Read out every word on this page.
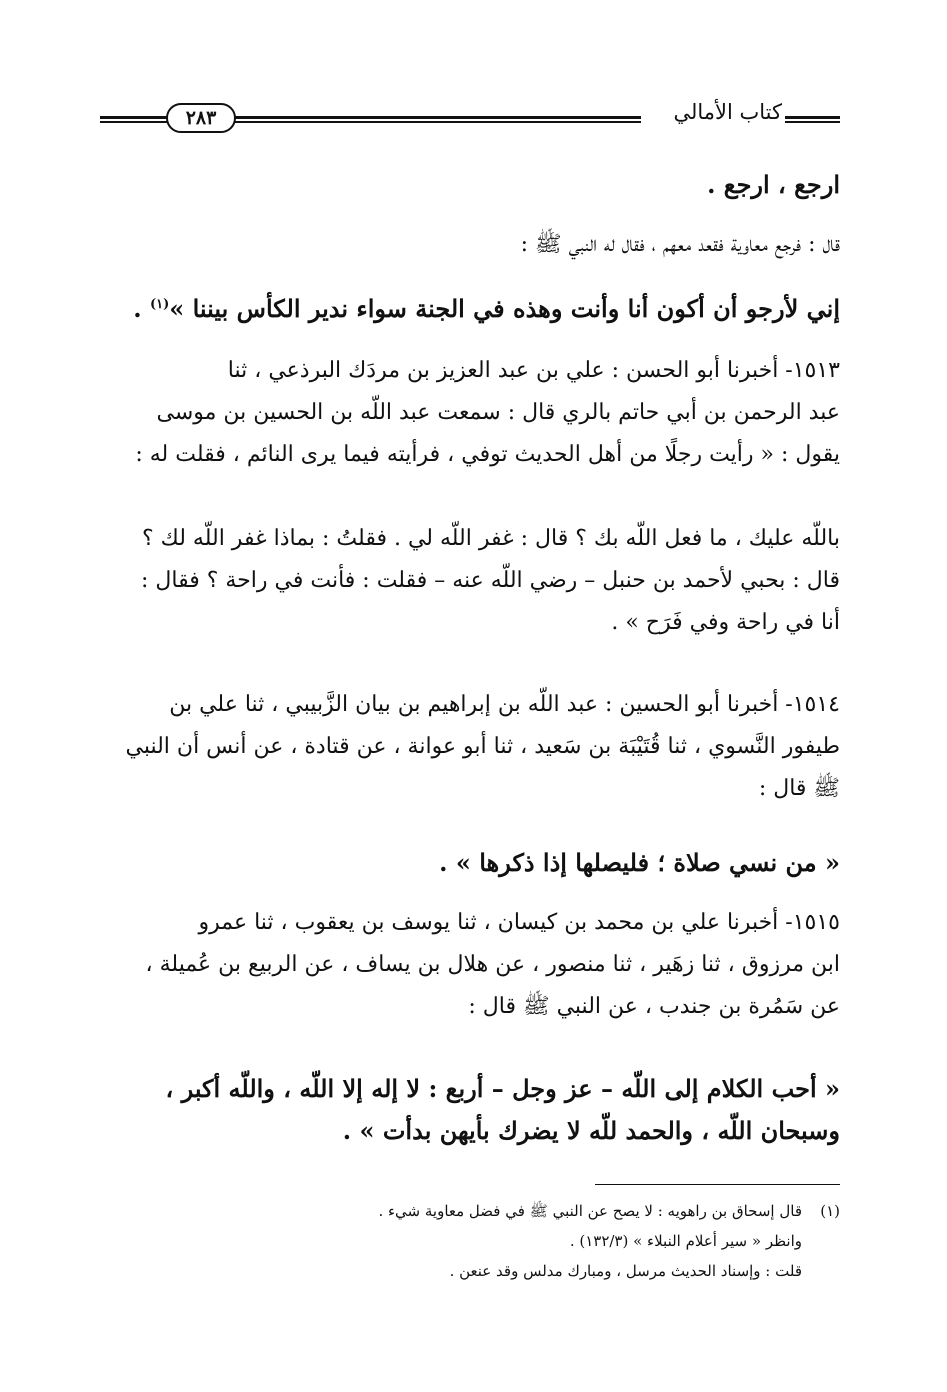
كتاب الأمالي
٢٨٣
ارجع ، ارجع .
قال : فرجع معاوية فقعد معهم ، فقال له النبي ﷺ :
إني لأرجو أن أكون أنا وأنت وهذه في الجنة سواء ندير الكأس بيننا »$^{(١)}$ .
١٥١٣- أخبرنا أبو الحسن : علي بن عبد العزيز بن مردَك البرذعي ، ثنا
عبد الرحمن بن أبي حاتم بالري قال : سمعت عبد اللّه بن الحسين بن موسى
يقول : « رأيت رجلًا من أهل الحديث توفي ، فرأيته فيما يرى النائم ، فقلت له :
باللّه عليك ، ما فعل اللّه بك ؟ قال : غفر اللّه لي . فقلتُ : بماذا غفر اللّه لك ؟
قال : بحبي لأحمد بن حنبل – رضي اللّه عنه – فقلت : فأنت في راحة ؟ فقال :
أنا في راحة وفي فَرَح » .
١٥١٤- أخبرنا أبو الحسين : عبد اللّه بن إبراهيم بن بيان الزَّبيبي ، ثنا علي بن
طيفور النَّسوي ، ثنا قُتَيْبَة بن سَعيد ، ثنا أبو عوانة ، عن قتادة ، عن أنس أن النبي
ﷺ قال :
« من نسي صلاة ؛ فليصلها إذا ذكرها » .
١٥١٥- أخبرنا علي بن محمد بن كيسان ، ثنا يوسف بن يعقوب ، ثنا عمرو
ابن مرزوق ، ثنا زهَير ، ثنا منصور ، عن هلال بن يساف ، عن الربيع بن عُميلة ،
عن سَمُرة بن جندب ، عن النبي ﷺ قال :
« أحب الكلام إلى اللّه – عز وجل – أربع : لا إله إلا اللّه ، واللّه أكبر ،
وسبحان اللّه ، والحمد للّه لا يضرك بأيهن بدأت » .
(١)قال إسحاق بن راهويه : لا يصح عن النبي ﷺ في فضل معاوية شيء .
وانظر « سير أعلام النبلاء » (١٣٢/٣) .
قلت : وإسناد الحديث مرسل ، ومبارك مدلس وقد عنعن .
